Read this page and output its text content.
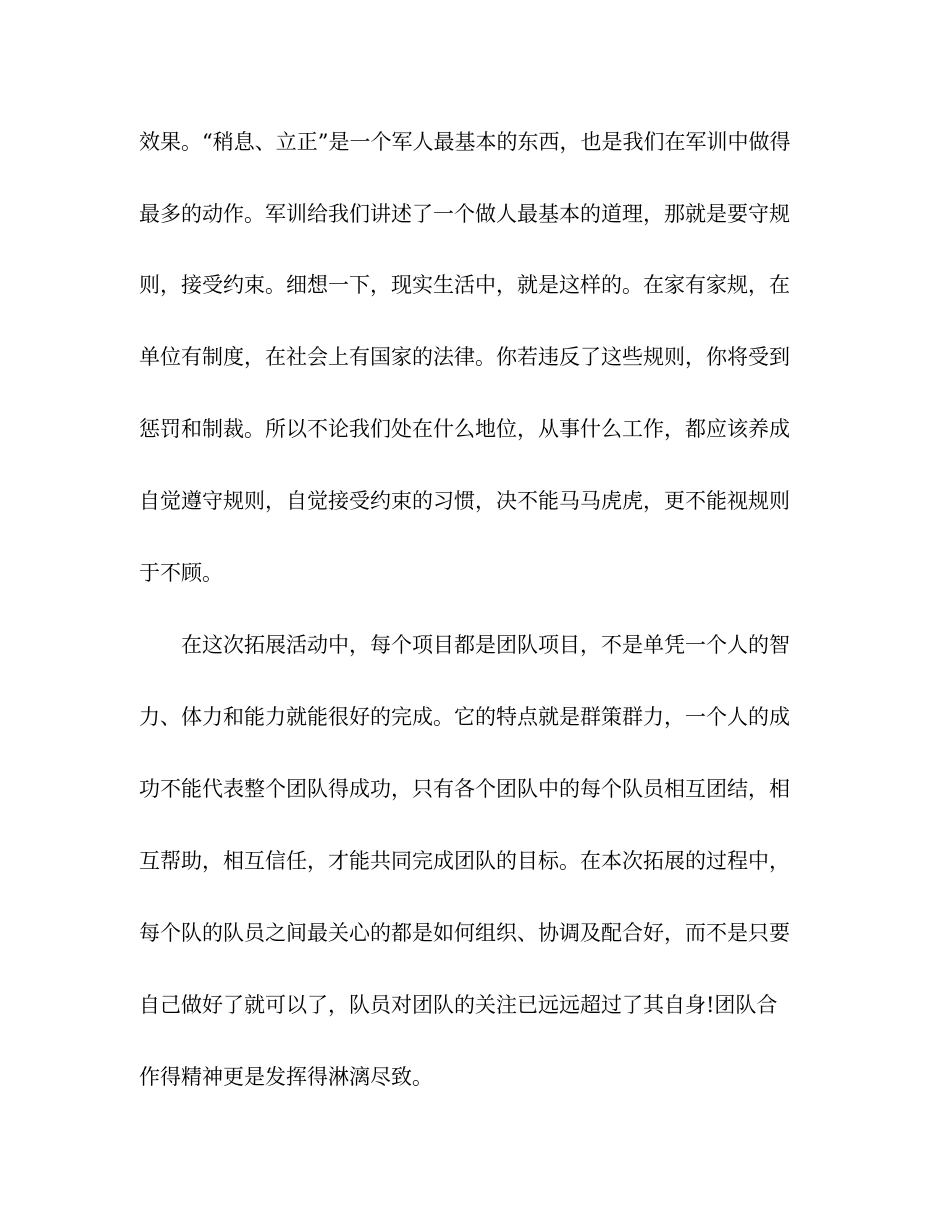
效果。“稍息、立正”是一个军人最基本的东西，也是我们在军训中做得
最多的动作。军训给我们讲述了一个做人最基本的道理，那就是要守规
则，接受约束。细想一下，现实生活中，就是这样的。在家有家规，在
单位有制度，在社会上有国家的法律。你若违反了这些规则，你将受到
惩罚和制裁。所以不论我们处在什么地位，从事什么工作，都应该养成
自觉遵守规则，自觉接受约束的习惯，决不能马马虎虎，更不能视规则
于不顾。
在这次拓展活动中，每个项目都是团队项目，不是单凭一个人的智
力、体力和能力就能很好的完成。它的特点就是群策群力，一个人的成
功不能代表整个团队得成功，只有各个团队中的每个队员相互团结，相
互帮助，相互信任，才能共同完成团队的目标。在本次拓展的过程中，
每个队的队员之间最关心的都是如何组织、协调及配合好，而不是只要
自己做好了就可以了，队员对团队的关注已远远超过了其自身!团队合
作得精神更是发挥得淋漓尽致。
